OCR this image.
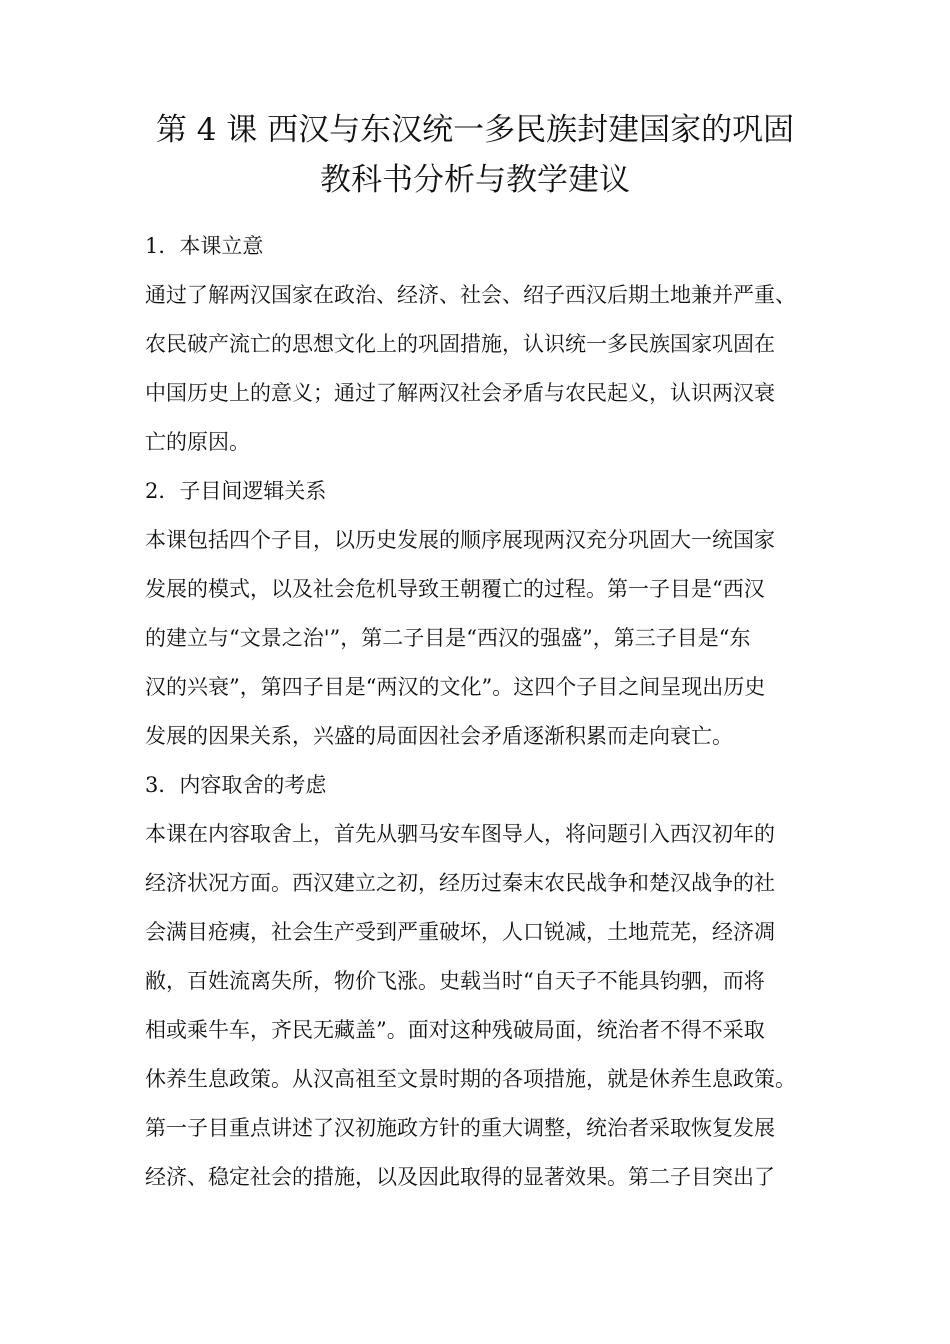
第 4 课 西汉与东汉统一多民族封建国家的巩固
教科书分析与教学建议
1．本课立意
通过了解两汉国家在政治、经济、社会、绍子西汉后期土地兼并严重、
农民破产流亡的思想文化上的巩固措施，认识统一多民族国家巩固在
中国历史上的意义；通过了解两汉社会矛盾与农民起义，认识两汉衰
亡的原因。
2．子目间逻辑关系
本课包括四个子目，以历史发展的顺序展现两汉充分巩固大一统国家
发展的模式，以及社会危机导致王朝覆亡的过程。第一子目是“西汉
的建立与“文景之治'”，第二子目是“西汉的强盛”，第三子目是“东
汉的兴衰”，第四子目是“两汉的文化”。这四个子目之间呈现出历史
发展的因果关系，兴盛的局面因社会矛盾逐渐积累而走向衰亡。
3．内容取舍的考虑
本课在内容取舍上，首先从驷马安车图导人，将问题引入西汉初年的
经济状况方面。西汉建立之初，经历过秦末农民战争和楚汉战争的社
会满目疮痍，社会生产受到严重破坏，人口锐减，土地荒芜，经济凋
敝，百姓流离失所，物价飞涨。史载当时“自天子不能具钧驷，而将
相或乘牛车，齐民无藏盖”。面对这种残破局面，统治者不得不采取
休养生息政策。从汉高祖至文景时期的各项措施，就是休养生息政策。
第一子目重点讲述了汉初施政方针的重大调整，统治者采取恢复发展
经济、稳定社会的措施，以及因此取得的显著效果。第二子目突出了
